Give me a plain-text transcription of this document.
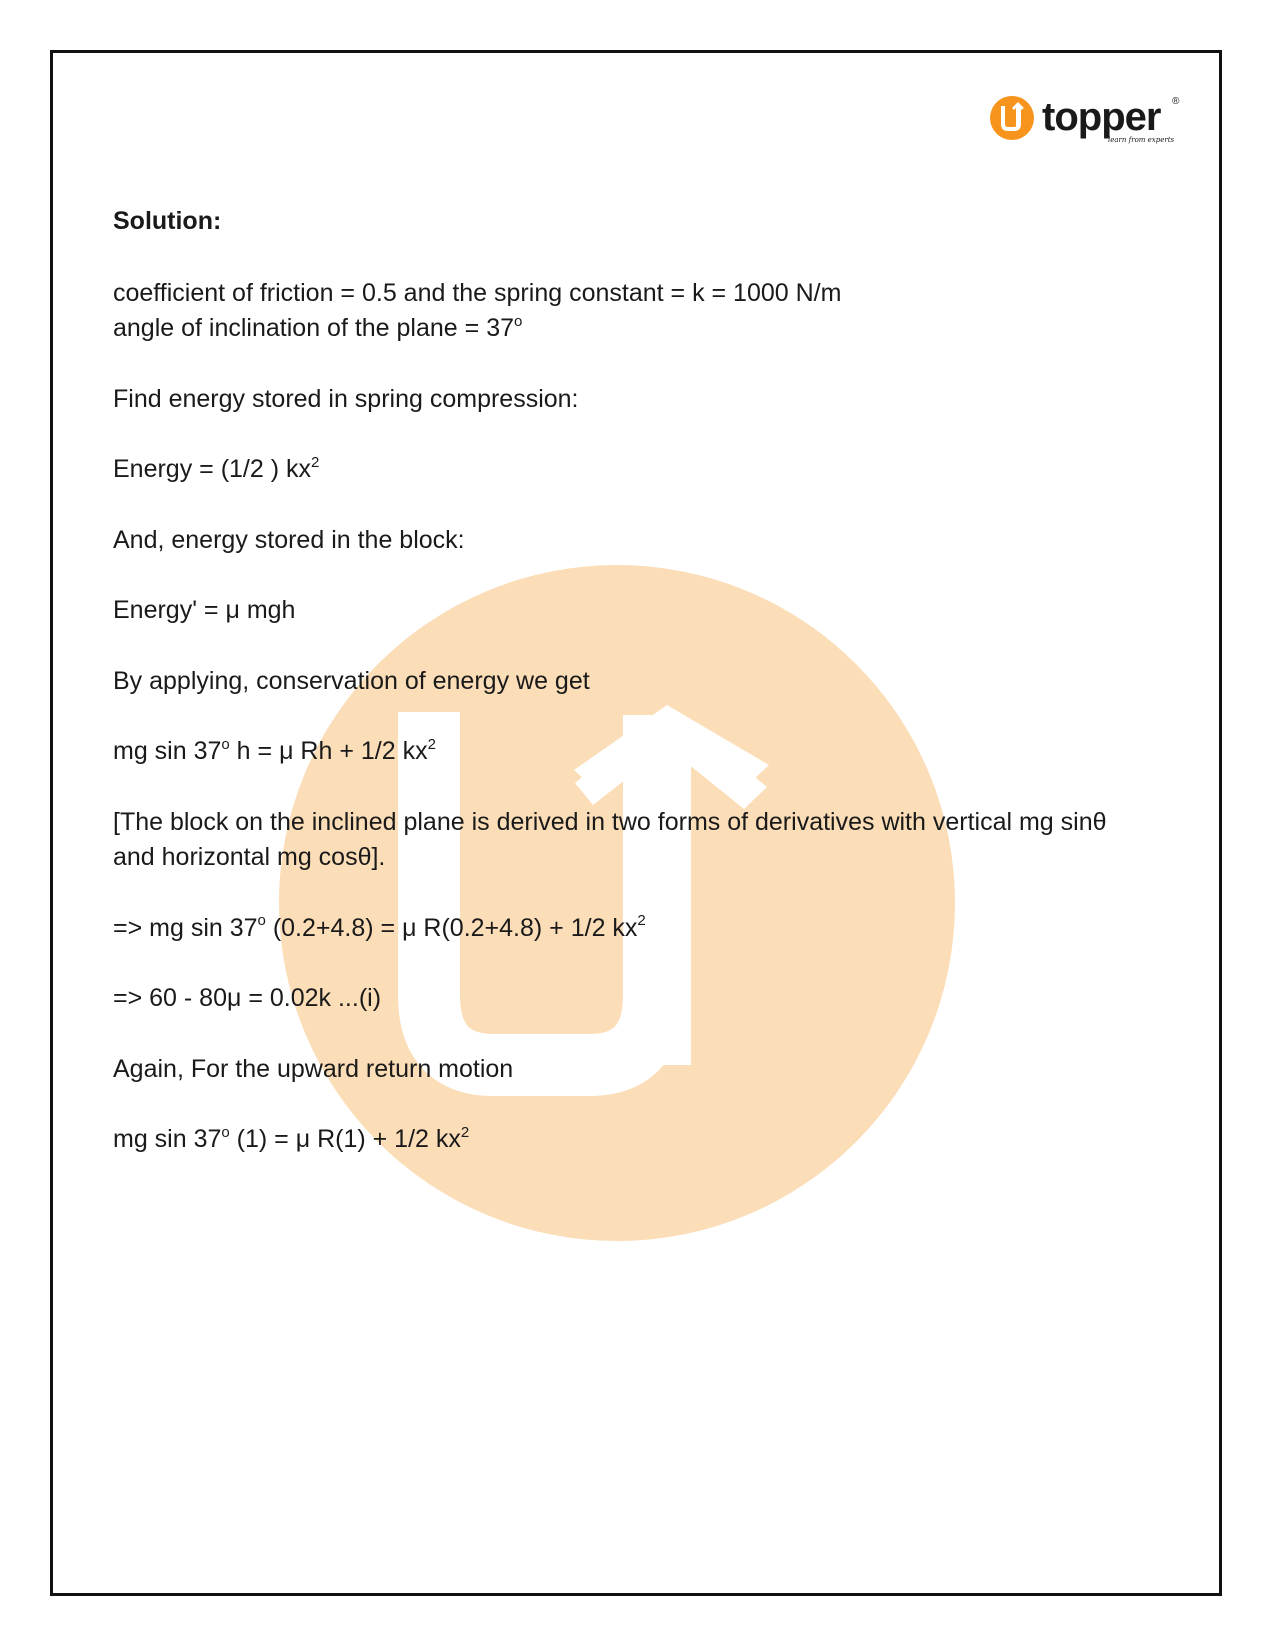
topper ®
learn from experts

Solution:

coefficient of friction = 0.5 and the spring constant = k = 1000 N/m

angle of inclination of the plane = $37^o$

Find energy stored in spring compression:

Energy = (1/2 ) $kx^2$

And, energy stored in the block:

Energy' = μ mgh

By applying, conservation of energy we get

mg sin 37$^o$ h = μ Rh + 1/2 $kx^2$

[The block on the inclined plane is derived in two forms of derivatives with vertical mg sinθ and horizontal mg cosθ].

=> mg sin 37$^o$ (0.2+4.8) = μ R(0.2+4.8) + 1/2 $kx^2$

=> 60 - 80μ = 0.02k ...(i)

Again, For the upward return motion

mg sin 37$^o$ (1) = μ R(1) + 1/2 $kx^2$
